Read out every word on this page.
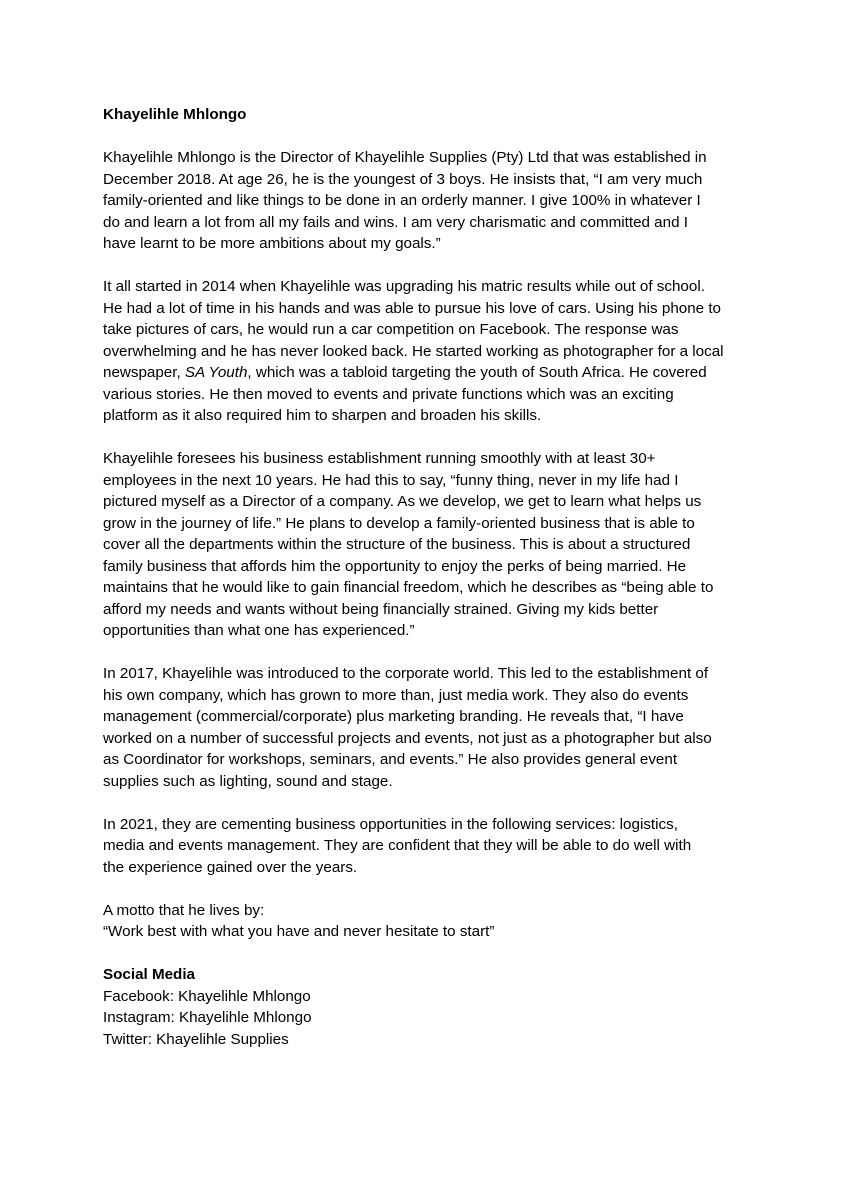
Khayelihle Mhlongo
Khayelihle Mhlongo is the Director of Khayelihle Supplies (Pty) Ltd that was established in
December 2018. At age 26, he is the youngest of 3 boys. He insists that, “I am very much
family-oriented and like things to be done in an orderly manner. I give 100% in whatever I
do and learn a lot from all my fails and wins. I am very charismatic and committed and I
have learnt to be more ambitions about my goals.”
It all started in 2014 when Khayelihle was upgrading his matric results while out of school.
He had a lot of time in his hands and was able to pursue his love of cars. Using his phone to
take pictures of cars, he would run a car competition on Facebook. The response was
overwhelming and he has never looked back. He started working as photographer for a local
newspaper, SA Youth, which was a tabloid targeting the youth of South Africa. He covered
various stories. He then moved to events and private functions which was an exciting
platform as it also required him to sharpen and broaden his skills.
Khayelihle foresees his business establishment running smoothly with at least 30+
employees in the next 10 years. He had this to say, “funny thing, never in my life had I
pictured myself as a Director of a company. As we develop, we get to learn what helps us
grow in the journey of life.” He plans to develop a family-oriented business that is able to
cover all the departments within the structure of the business. This is about a structured
family business that affords him the opportunity to enjoy the perks of being married. He
maintains that he would like to gain financial freedom, which he describes as “being able to
afford my needs and wants without being financially strained. Giving my kids better
opportunities than what one has experienced.”
In 2017, Khayelihle was introduced to the corporate world. This led to the establishment of
his own company, which has grown to more than, just media work. They also do events
management (commercial/corporate) plus marketing branding. He reveals that, “I have
worked on a number of successful projects and events, not just as a photographer but also
as Coordinator for workshops, seminars, and events.” He also provides general event
supplies such as lighting, sound and stage.
In 2021, they are cementing business opportunities in the following services: logistics,
media and events management. They are confident that they will be able to do well with
the experience gained over the years.
A motto that he lives by:
“Work best with what you have and never hesitate to start”
Social Media
Facebook: Khayelihle Mhlongo
Instagram: Khayelihle Mhlongo
Twitter: Khayelihle Supplies
